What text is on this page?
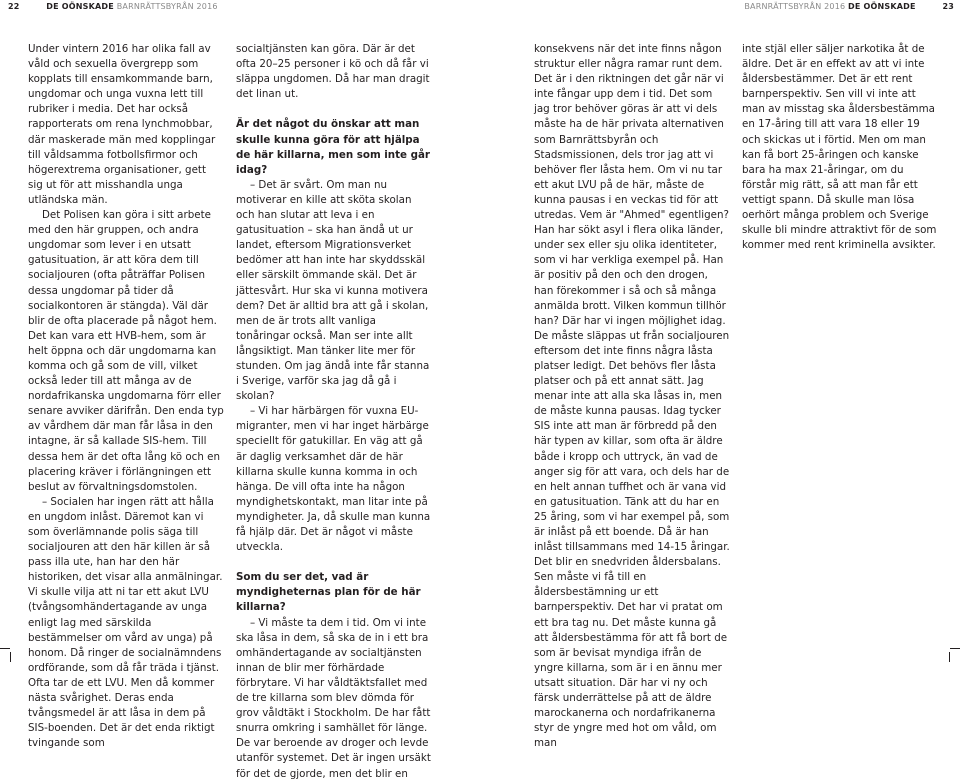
22	DE OÖNSKADE BARNRÄTTSBYRÅN 2016	BARNRÄTTSBYRÅN 2016 DE OÖNSKADE	23

Under vintern 2016 har olika fall av våld och sexuella övergrepp som kopplats till ensamkommande barn, ungdomar och unga vuxna lett till rubriker i media. Det har också rapporterats om rena lynchmobbar, där maskerade män med kopplingar till våldsamma fotbollsfirmor och högerextrema organisationer, gett sig ut för att misshandla unga utländska män.

Det Polisen kan göra i sitt arbete med den här gruppen, och andra ungdomar som lever i en utsatt gatusituation, är att köra dem till socialjouren (ofta påträffar Polisen dessa ungdomar på tider då socialkontoren är stängda). Väl där blir de ofta placerade på något hem. Det kan vara ett HVB-hem, som är helt öppna och där ungdomarna kan komma och gå som de vill, vilket också leder till att många av de nordafrikanska ungdomarna förr eller senare avviker därifrån. Den enda typ av vårdhem där man får låsa in den intagne, är så kallade SIS-hem. Till dessa hem är det ofta lång kö och en placering kräver i förlängningen ett beslut av förvaltningsdomstolen.

– Socialen har ingen rätt att hålla en ungdom inlåst. Däremot kan vi som överlämnande polis säga till socialjouren att den här killen är så pass illa ute, han har den här historiken, det visar alla anmälningar. Vi skulle vilja att ni tar ett akut LVU (tvångsomhändertagande av unga enligt lag med särskilda bestämmelser om vård av unga) på honom. Då ringer de socialnämndens ordförande, som då får träda i tjänst. Ofta tar de ett LVU. Men då kommer nästa svårighet. Deras enda tvångsmedel är att låsa in dem på SIS-boenden. Det är det enda riktigt tvingande som

socialtjänsten kan göra. Där är det ofta 20–25 personer i kö och då får vi släppa ungdomen. Då har man dragit det linan ut.

Är det något du önskar att man skulle kunna göra för att hjälpa de här killarna, men som inte går idag?

– Det är svårt. Om man nu motiverar en kille att sköta skolan och han slutar att leva i en gatusituation – ska han ändå ut ur landet, eftersom Migrationsverket bedömer att han inte har skyddsskäl eller särskilt ömmande skäl. Det är jättesvårt. Hur ska vi kunna motivera dem? Det är alltid bra att gå i skolan, men de är trots allt vanliga tonåringar också. Man ser inte allt långsiktigt. Man tänker lite mer för stunden. Om jag ändå inte får stanna i Sverige, varför ska jag då gå i skolan?

– Vi har härbärgen för vuxna EU-migranter, men vi har inget härbärge speciellt för gatukillar. En väg att gå är daglig verksamhet där de här killarna skulle kunna komma in och hänga. De vill ofta inte ha någon myndighetskontakt, man litar inte på myndigheter. Ja, då skulle man kunna få hjälp där. Det är något vi måste utveckla.

Som du ser det, vad är myndigheternas plan för de här killarna?

– Vi måste ta dem i tid. Om vi inte ska låsa in dem, så ska de in i ett bra omhändertagande av socialtjänsten innan de blir mer förhärdade förbrytare. Vi har våldtäktsfallet med de tre killarna som blev dömda för grov våldtäkt i Stockholm. De har fått snurra omkring i samhället för länge. De var beroende av droger och levde utanför systemet. Det är ingen ursäkt för det de gjorde, men det blir en

konsekvens när det inte finns någon struktur eller några ramar runt dem. Det är i den riktningen det går när vi inte fångar upp dem i tid. Det som jag tror behöver göras är att vi dels måste ha de här privata alternativen som Barnrättsbyrån och Stadsmissionen, dels tror jag att vi behöver fler låsta hem. Om vi nu tar ett akut LVU på de här, måste de kunna pausas i en veckas tid för att utredas. Vem är "Ahmed" egentligen? Han har sökt asyl i flera olika länder, under sex eller sju olika identiteter, som vi har verkliga exempel på. Han är positiv på den och den drogen, han förekommer i så och så många anmälda brott. Vilken kommun tillhör han? Där har vi ingen möjlighet idag. De måste släppas ut från socialjouren eftersom det inte finns några låsta platser ledigt. Det behövs fler låsta platser och på ett annat sätt. Jag menar inte att alla ska låsas in, men de måste kunna pausas. Idag tycker SIS inte att man är förbredd på den här typen av killar, som ofta är äldre både i kropp och uttryck, än vad de anger sig för att vara, och dels har de en helt annan tuffhet och är vana vid en gatusituation. Tänk att du har en 25 åring, som vi har exempel på, som är inlåst på ett boende. Då är han inlåst tillsammans med 14-15 åringar. Det blir en snedvriden åldersbalans. Sen måste vi få till en åldersbestämning ur ett barnperspektiv. Det har vi pratat om ett bra tag nu. Det måste kunna gå att åldersbestämma för att få bort de som är bevisat myndiga ifrån de yngre killarna, som är i en ännu mer utsatt situation. Där har vi ny och färsk underrättelse på att de äldre marockanerna och nordafrikanerna styr de yngre med hot om våld, om man

inte stjäl eller säljer narkotika åt de äldre. Det är en effekt av att vi inte åldersbestämmer. Det är ett rent barnperspektiv. Sen vill vi inte att man av misstag ska åldersbestämma en 17-åring till att vara 18 eller 19 och skickas ut i förtid. Men om man kan få bort 25-åringen och kanske bara ha max 21-åringar, om du förstår mig rätt, så att man får ett vettigt spann. Då skulle man lösa oerhört många problem och Sverige skulle bli mindre attraktivt för de som kommer med rent kriminella avsikter.
